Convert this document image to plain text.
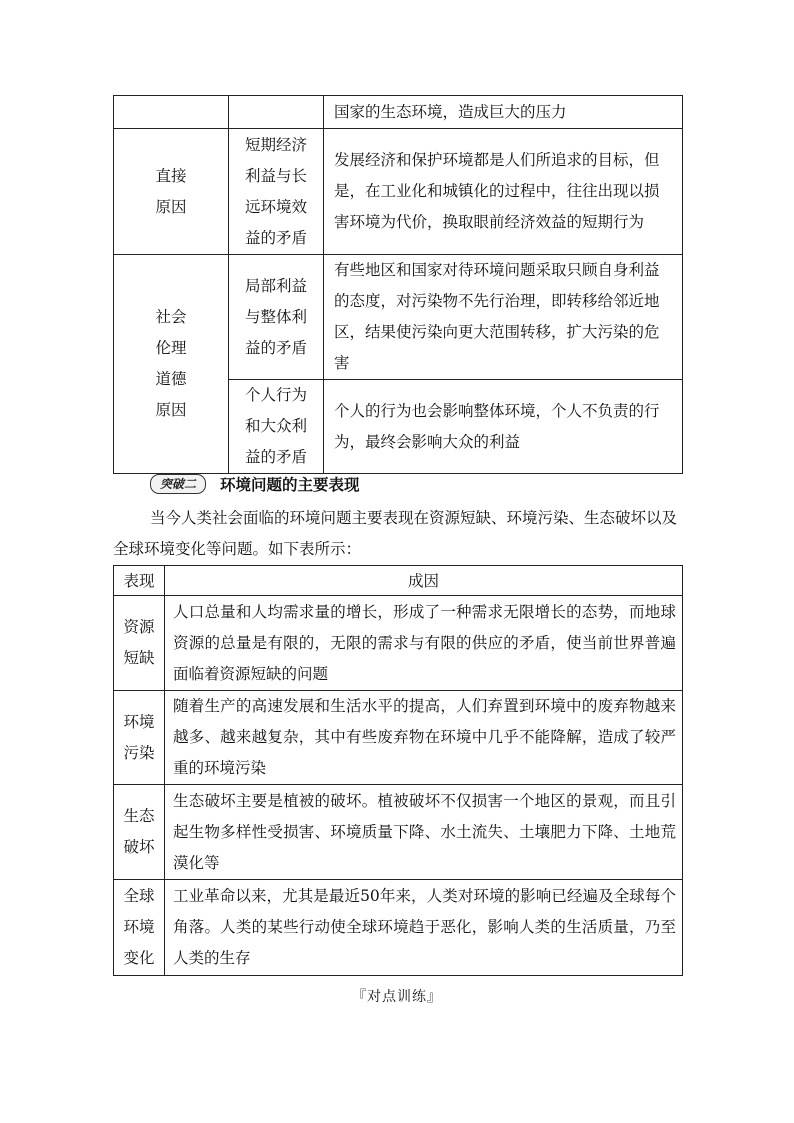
		国家的生态环境，造成巨大的压力

直接原因	短期经济利益与长远环境效益的矛盾	发展经济和保护环境都是人们所追求的目标，但是，在工业化和城镇化的过程中，往往出现以损害环境为代价，换取眼前经济效益的短期行为

社会伦理道德原因	局部利益与整体利益的矛盾	有些地区和国家对待环境问题采取只顾自身利益的态度，对污染物不先行治理，即转移给邻近地区，结果使污染向更大范围转移，扩大污染的危害

	个人行为和大众利益的矛盾	个人的行为也会影响整体环境，个人不负责的行为，最终会影响大众的利益
突破二	环境问题的主要表现

当今人类社会面临的环境问题主要表现在资源短缺、环境污染、生态破坏以及全球环境变化等问题。如下表所示：

表现	成因

资源短缺	人口总量和人均需求量的增长，形成了一种需求无限增长的态势，而地球资源的总量是有限的，无限的需求与有限的供应的矛盾，使当前世界普遍面临着资源短缺的问题

环境污染	随着生产的高速发展和生活水平的提高，人们弃置到环境中的废弃物越来越多、越来越复杂，其中有些废弃物在环境中几乎不能降解，造成了较严重的环境污染

生态破坏	生态破坏主要是植被的破坏。植被破坏不仅损害一个地区的景观，而且引起生物多样性受损害、环境质量下降、水土流失、土壤肥力下降、土地荒漠化等

全球环境变化	工业革命以来，尤其是最近50年来，人类对环境的影响已经遍及全球每个角落。人类的某些行动使全球环境趋于恶化，影响人类的生活质量，乃至人类的生存
『对点训练』
